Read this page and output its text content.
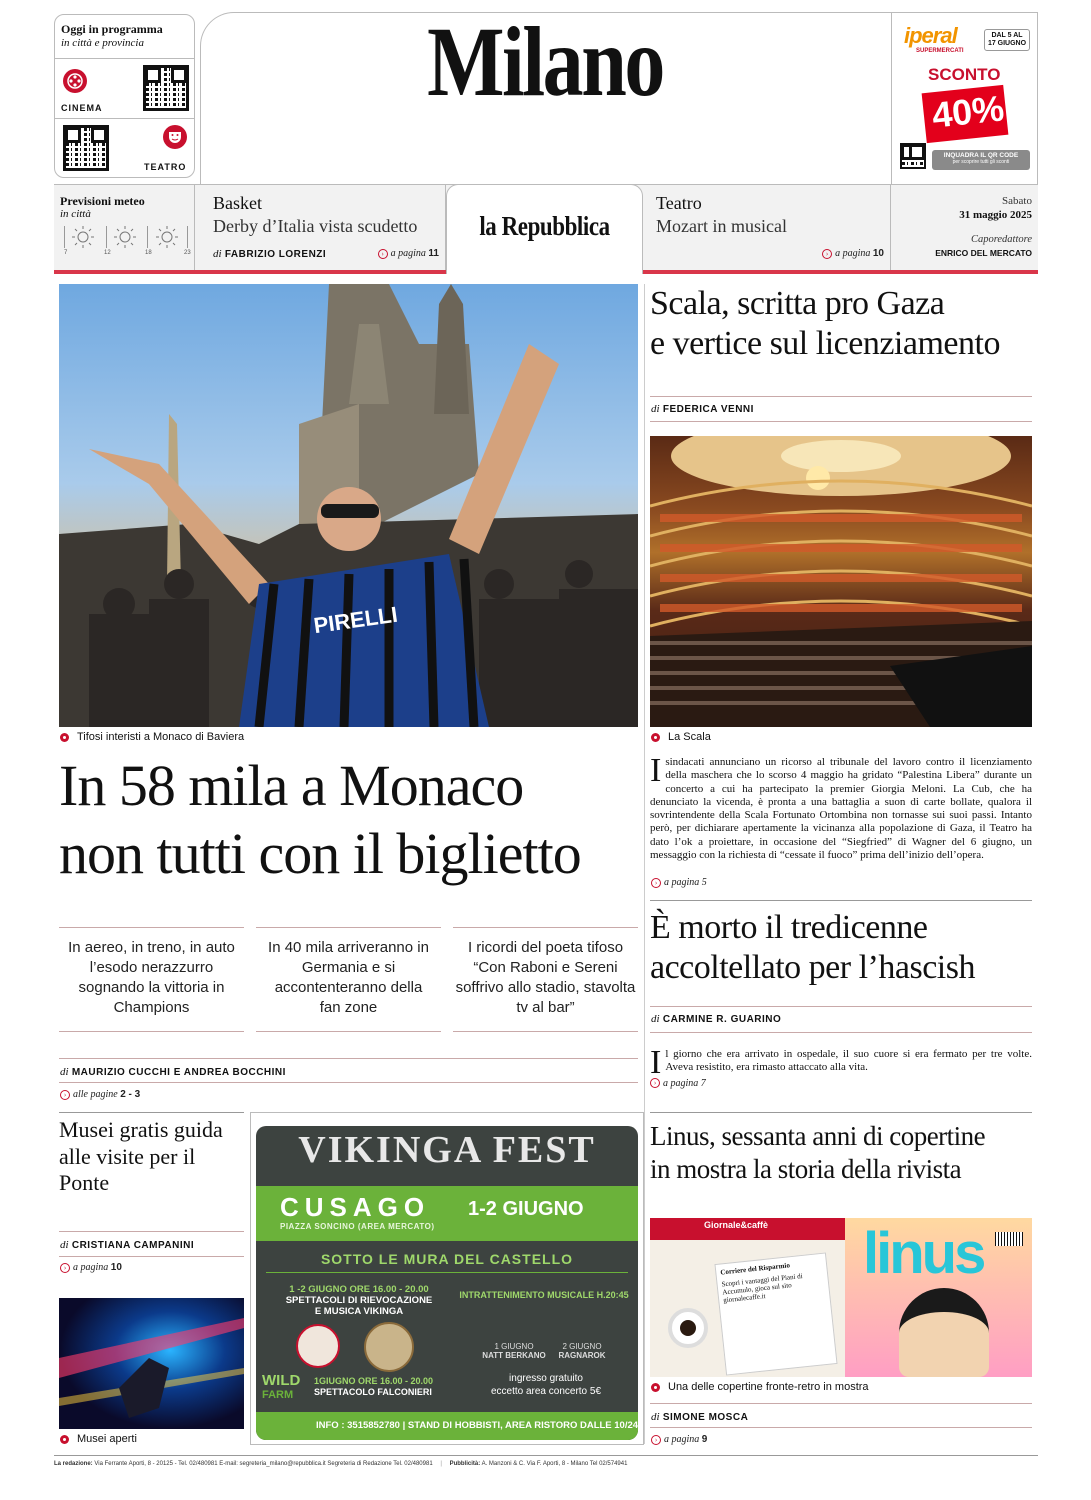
Oggi in programma
in città e provincia
CINEMA
TEATRO
Milano	iperal
SUPERMERCATI
DAL 5 AL 17 GIUGNO
SCONTO
40%
INQUADRA IL QR CODE
per scoprire tutti gli sconti
Previsioni meteo
in città
7	12	18	23
Basket
Derby d’Italia vista scudetto
di FABRIZIO LORENZI	› a pagina 11
la Repubblica
Teatro
Mozart in musical
› a pagina 10
Sabato
31 maggio 2025
Caporedattore
ENRICO DEL MERCATO
PIRELLI
Tifosi interisti a Monaco di Baviera
In 58 mila a Monaco
non tutti con il biglietto
In aereo, in treno, in auto l’esodo nerazzurro sognando la vittoria in Champions
In 40 mila arriveranno in Germania e si accontenteranno della fan zone
I ricordi del poeta tifoso “Con Raboni e Sereni soffrivo allo stadio, stavolta tv al bar”
di MAURIZIO CUCCHI E ANDREA BOCCHINI
› alle pagine 2 - 3
Scala, scritta pro Gaza
e vertice sul licenziamento
di FEDERICA VENNI
La Scala
Isindacati annunciano un ricorso al tribunale del lavoro contro il licenziamento della maschera che lo scorso 4 maggio ha gridato “Palestina Libera” durante un concerto a cui ha partecipato la premier Giorgia Meloni. La Cub, che ha denunciato la vicenda, è pronta a una battaglia a suon di carte bollate, qualora il sovrintendente della Scala Fortunato Ortombina non tornasse sui suoi passi. Intanto però, per dichiarare apertamente la vicinanza alla popolazione di Gaza, il Teatro ha dato l’ok a proiettare, in occasione del “Siegfried” di Wagner del 6 giugno, un messaggio con la richiesta di “cessate il fuoco” prima dell’inizio dell’opera.
› a pagina 5
È morto il tredicenne
accoltellato per l’hascish
di CARMINE R. GUARINO
Il giorno che era arrivato in ospedale, il suo cuore si era fermato per tre volte. Aveva resistito, era rimasto attaccato alla vita.
› a pagina 7
Musei gratis guida alle visite per il Ponte
di CRISTIANA CAMPANINI
› a pagina 10
Musei aperti
VIKINGA FEST
CUSAGO 1-2 GIUGNO
PIAZZA SONCINO (AREA MERCATO)
SOTTO LE MURA DEL CASTELLO
1 -2 GIUGNO ORE 16.00 - 20.00
SPETTACOLI DI RIEVOCAZIONE
E MUSICA VIKINGA
INTRATTENIMENTO MUSICALE H.20:45
1 GIUGNO
NATT BERKANO
2 GIUGNO
RAGNAROK
WILD
FARM
1GIUGNO ORE 16.00 - 20.00
SPETTACOLO FALCONIERI
ingresso gratuito
eccetto area concerto 5€
INFO : 3515852780 | STAND DI HOBBISTI, AREA RISTORO DALLE 10/24
Linus, sessanta anni di copertine
in mostra la storia della rivista
Giornale&caffè
Corriere del Risparmio
Scopri i vantaggi del Piani di Accumulo, gioca sul sito giornalecaffe.it
linus
Una delle copertine fronte-retro in mostra
di SIMONE MOSCA
› a pagina 9
La redazione: Via Ferrante Aporti, 8 - 20125 - Tel. 02/480981 E-mail: segreteria_milano@repubblica.it Segreteria di Redazione Tel. 02/480981 | Pubblicità: A. Manzoni & C. Via F. Aporti, 8 - Milano Tel 02/574941
